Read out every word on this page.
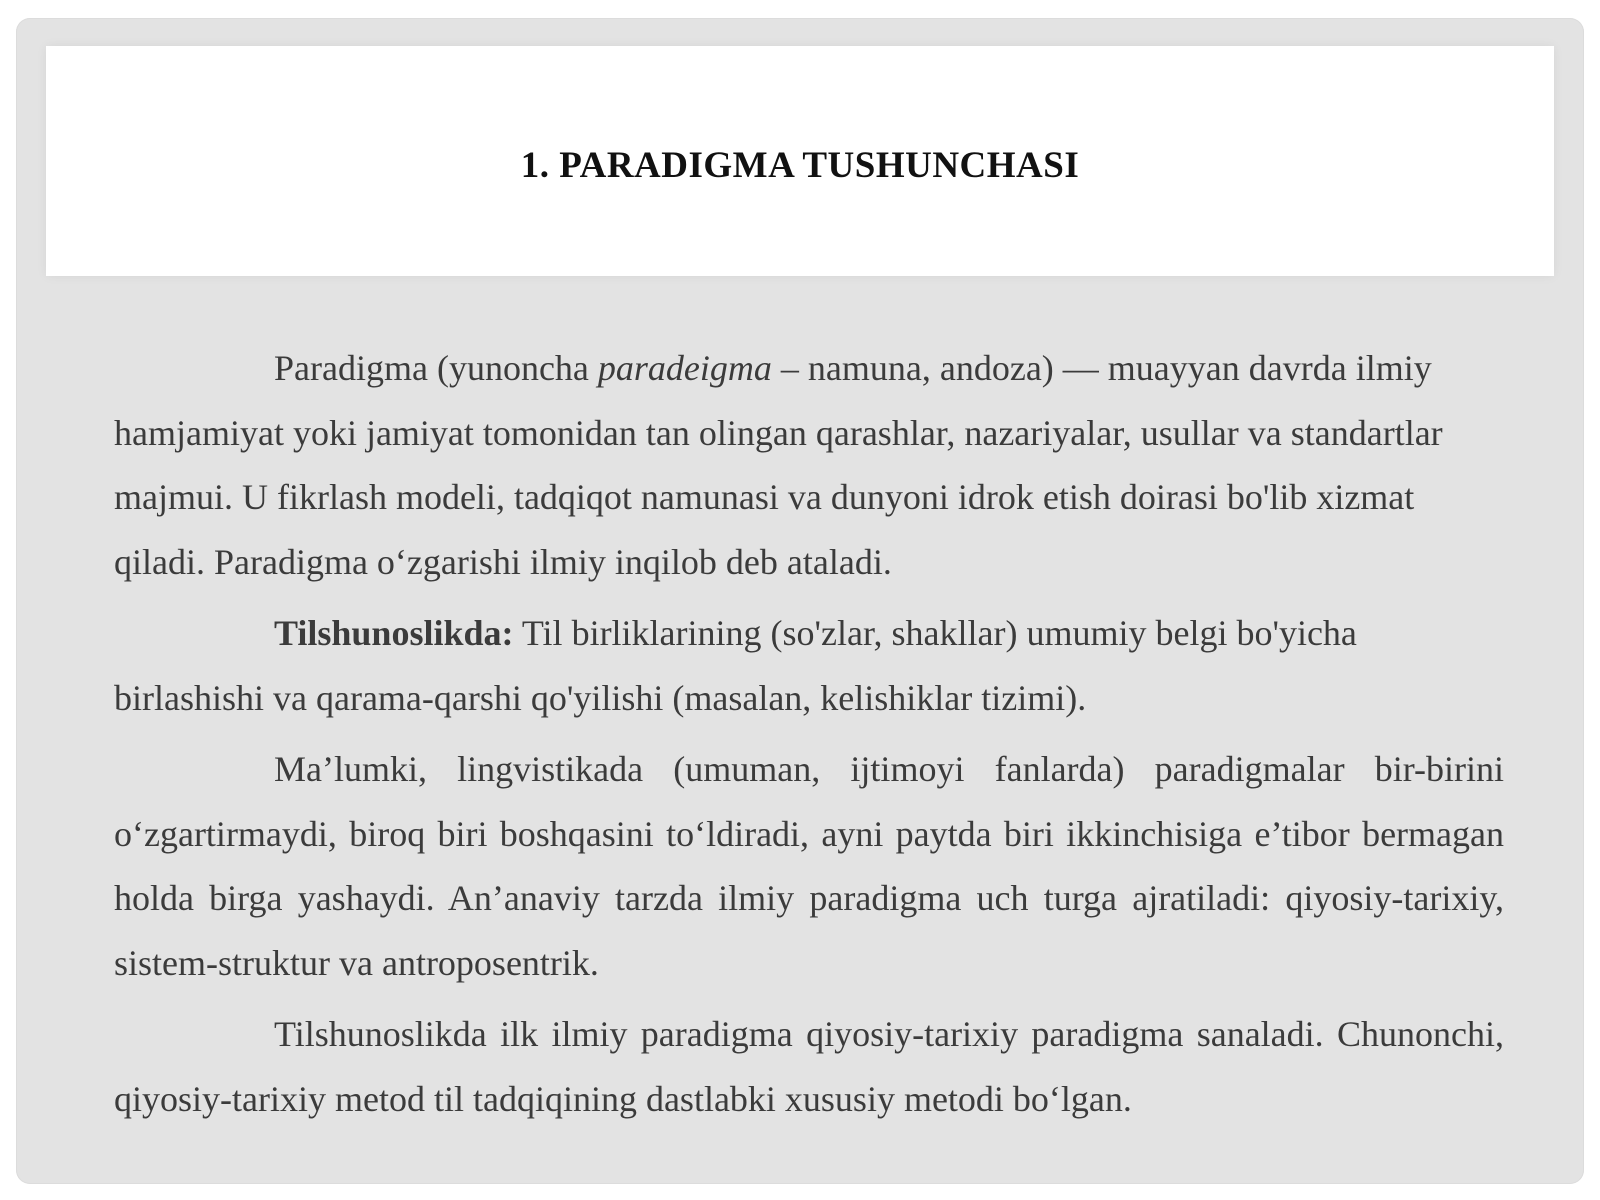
1. PARADIGMA TUSHUNCHASI

Paradigma (yunoncha paradeigma – namuna, andoza) — muayyan davrda ilmiy hamjamiyat yoki jamiyat tomonidan tan olingan qarashlar, nazariyalar, usullar va standartlar majmui. U fikrlash modeli, tadqiqot namunasi va dunyoni idrok etish doirasi bo'lib xizmat qiladi. Paradigma o‘zgarishi ilmiy inqilob deb ataladi.

Tilshunoslikda: Til birliklarining (so'zlar, shakllar) umumiy belgi bo'yicha birlashishi va qarama-qarshi qo'yilishi (masalan, kelishiklar tizimi).

Ma’lumki, lingvistikada (umuman, ijtimoyi fanlarda) paradigmalar bir-birini o‘zgartirmaydi, biroq biri boshqasini to‘ldiradi, ayni paytda biri ikkinchisiga e’tibor bermagan holda birga yashaydi. An’anaviy tarzda ilmiy paradigma uch turga ajratiladi: qiyosiy-tarixiy, sistem-struktur va antroposentrik.

Tilshunoslikda ilk ilmiy paradigma qiyosiy-tarixiy paradigma sanaladi. Chunonchi, qiyosiy-tarixiy metod til tadqiqining dastlabki xususiy metodi bo‘lgan.
